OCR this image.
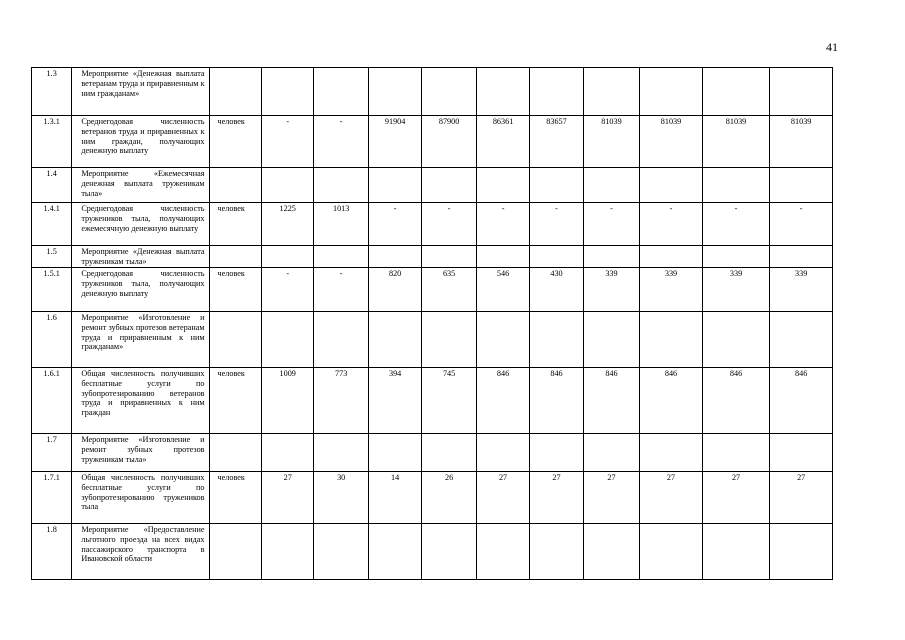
41
1.3	Мероприятие «Денежная выплата ветеранам труда и приравненным к ним гражданам»											
1.3.1	Среднегодовая численность ветеранов труда и приравненных к ним граждан, получающих денежную выплату	человек	-	-	91904	87900	86361	83657	81039	81039	81039	81039
1.4	Мероприятие «Ежемесячная денежная выплата труженикам тыла»											
1.4.1	Среднегодовая численность тружеников тыла, получающих ежемесячную денежную выплату	человек	1225	1013	-	-	-	-	-	-	-	-
1.5	Мероприятие «Денежная выплата труженикам тыла»											
1.5.1	Среднегодовая численность тружеников тыла, получающих денежную выплату	человек	-	-	820	635	546	430	339	339	339	339
1.6	Мероприятие «Изготовление и ремонт зубных протезов ветеранам труда и приравненным к ним гражданам»											
1.6.1	Общая численность получивших бесплатные услуги по зубопротезированию ветеранов труда и приравненных к ним граждан	человек	1009	773	394	745	846	846	846	846	846	846
1.7	Мероприятие «Изготовление и ремонт зубных протезов труженикам тыла»											
1.7.1	Общая численность получивших бесплатные услуги по зубопротезированию тружеников тыла	человек	27	30	14	26	27	27	27	27	27	27
1.8	Мероприятие «Предоставление льготного проезда на всех видах пассажирского транспорта в Ивановской области											
